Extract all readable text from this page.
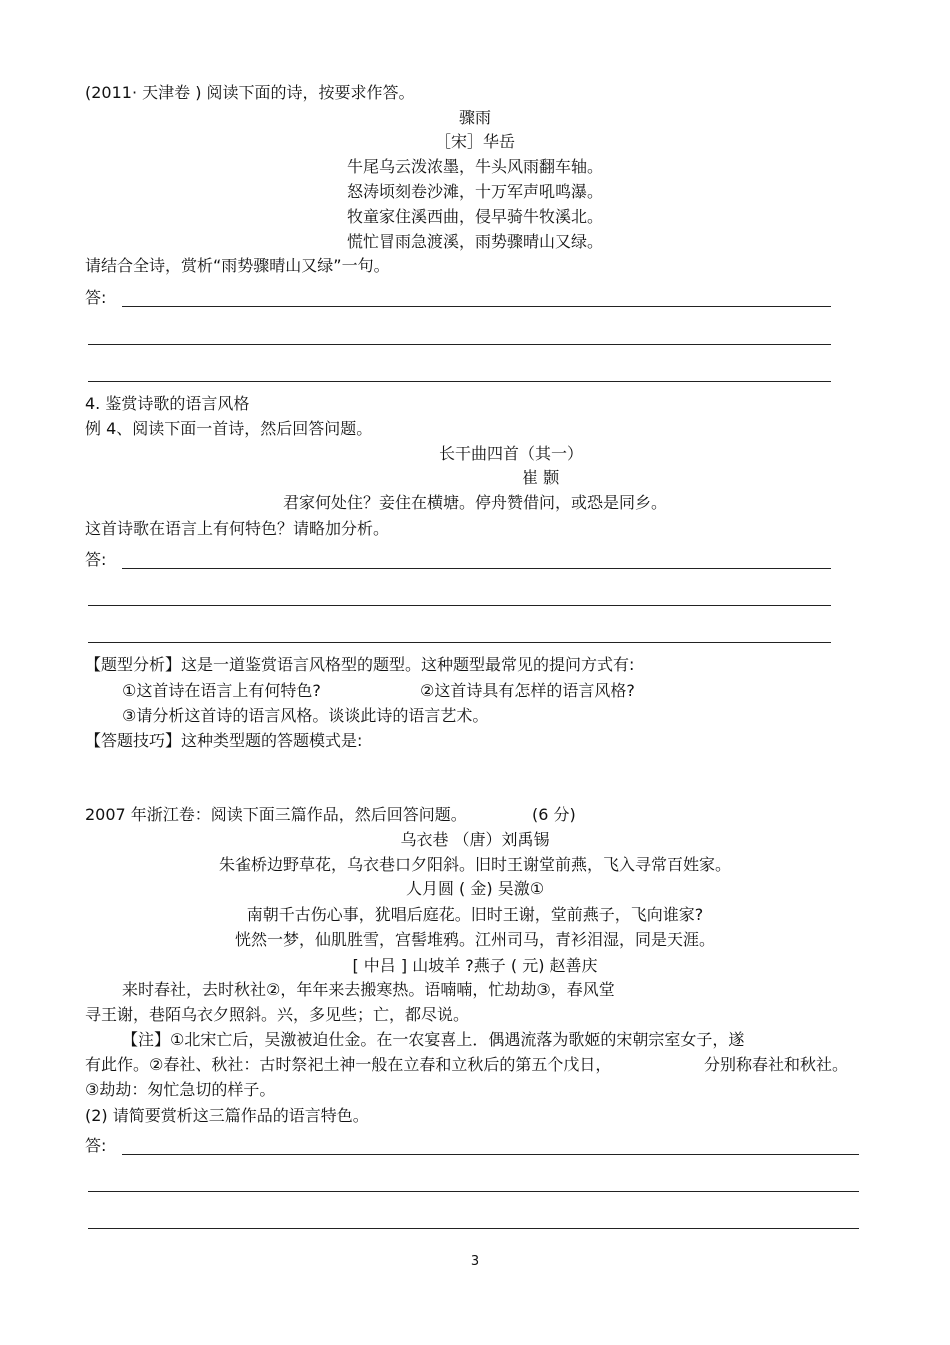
(2011· 天津卷 ) 阅读下面的诗，按要求作答。
骤雨
［宋］华岳
牛尾乌云泼浓墨，牛头风雨翻车轴。
怒涛顷刻卷沙滩，十万军声吼鸣瀑。
牧童家住溪西曲，侵早骑牛牧溪北。
慌忙冒雨急渡溪，雨势骤晴山又绿。
请结合全诗，赏析“雨势骤晴山又绿”一句。
答:
4. 鉴赏诗歌的语言风格
例 4、阅读下面一首诗，然后回答问题。
长干曲四首（其一）
崔 颢
君家何处住？妾住在横塘。停舟赞借问，或恐是同乡。
这首诗歌在语言上有何特色？请略加分析。
答:
【题型分析】这是一道鉴赏语言风格型的题型。这种题型最常见的提问方式有:
①这首诗在语言上有何特色?	②这首诗具有怎样的语言风格?
③请分析这首诗的语言风格。谈谈此诗的语言艺术。
【答题技巧】这种类型题的答题模式是:
2007 年浙江卷：阅读下面三篇作品，然后回答问题。	(6 分)
乌衣巷 （唐）刘禹锡
朱雀桥边野草花，乌衣巷口夕阳斜。旧时王谢堂前燕，飞入寻常百姓家。
人月圆 ( 金) 吴激①
南朝千古伤心事，犹唱后庭花。旧时王谢，堂前燕子，飞向谁家?
恍然一梦，仙肌胜雪，宫髻堆鸦。江州司马，青衫泪湿，同是天涯。
[ 中吕 ] 山坡羊 ?燕子 ( 元) 赵善庆
来时春社，去时秋社②，年年来去搬寒热。语喃喃，忙劫劫③，春风堂
寻王谢，巷陌乌衣夕照斜。兴，多见些；亡，都尽说。
【注】①北宋亡后，吴激被迫仕金。在一农宴喜上．偶遇流落为歌姬的宋朝宗室女子，遂
有此作。②春社、秋社：古时祭祀土神一般在立春和立秋后的第五个戊日，	分别称春社和秋社。
③劫劫：匆忙急切的样子。
(2) 请简要赏析这三篇作品的语言特色。
答:
3
